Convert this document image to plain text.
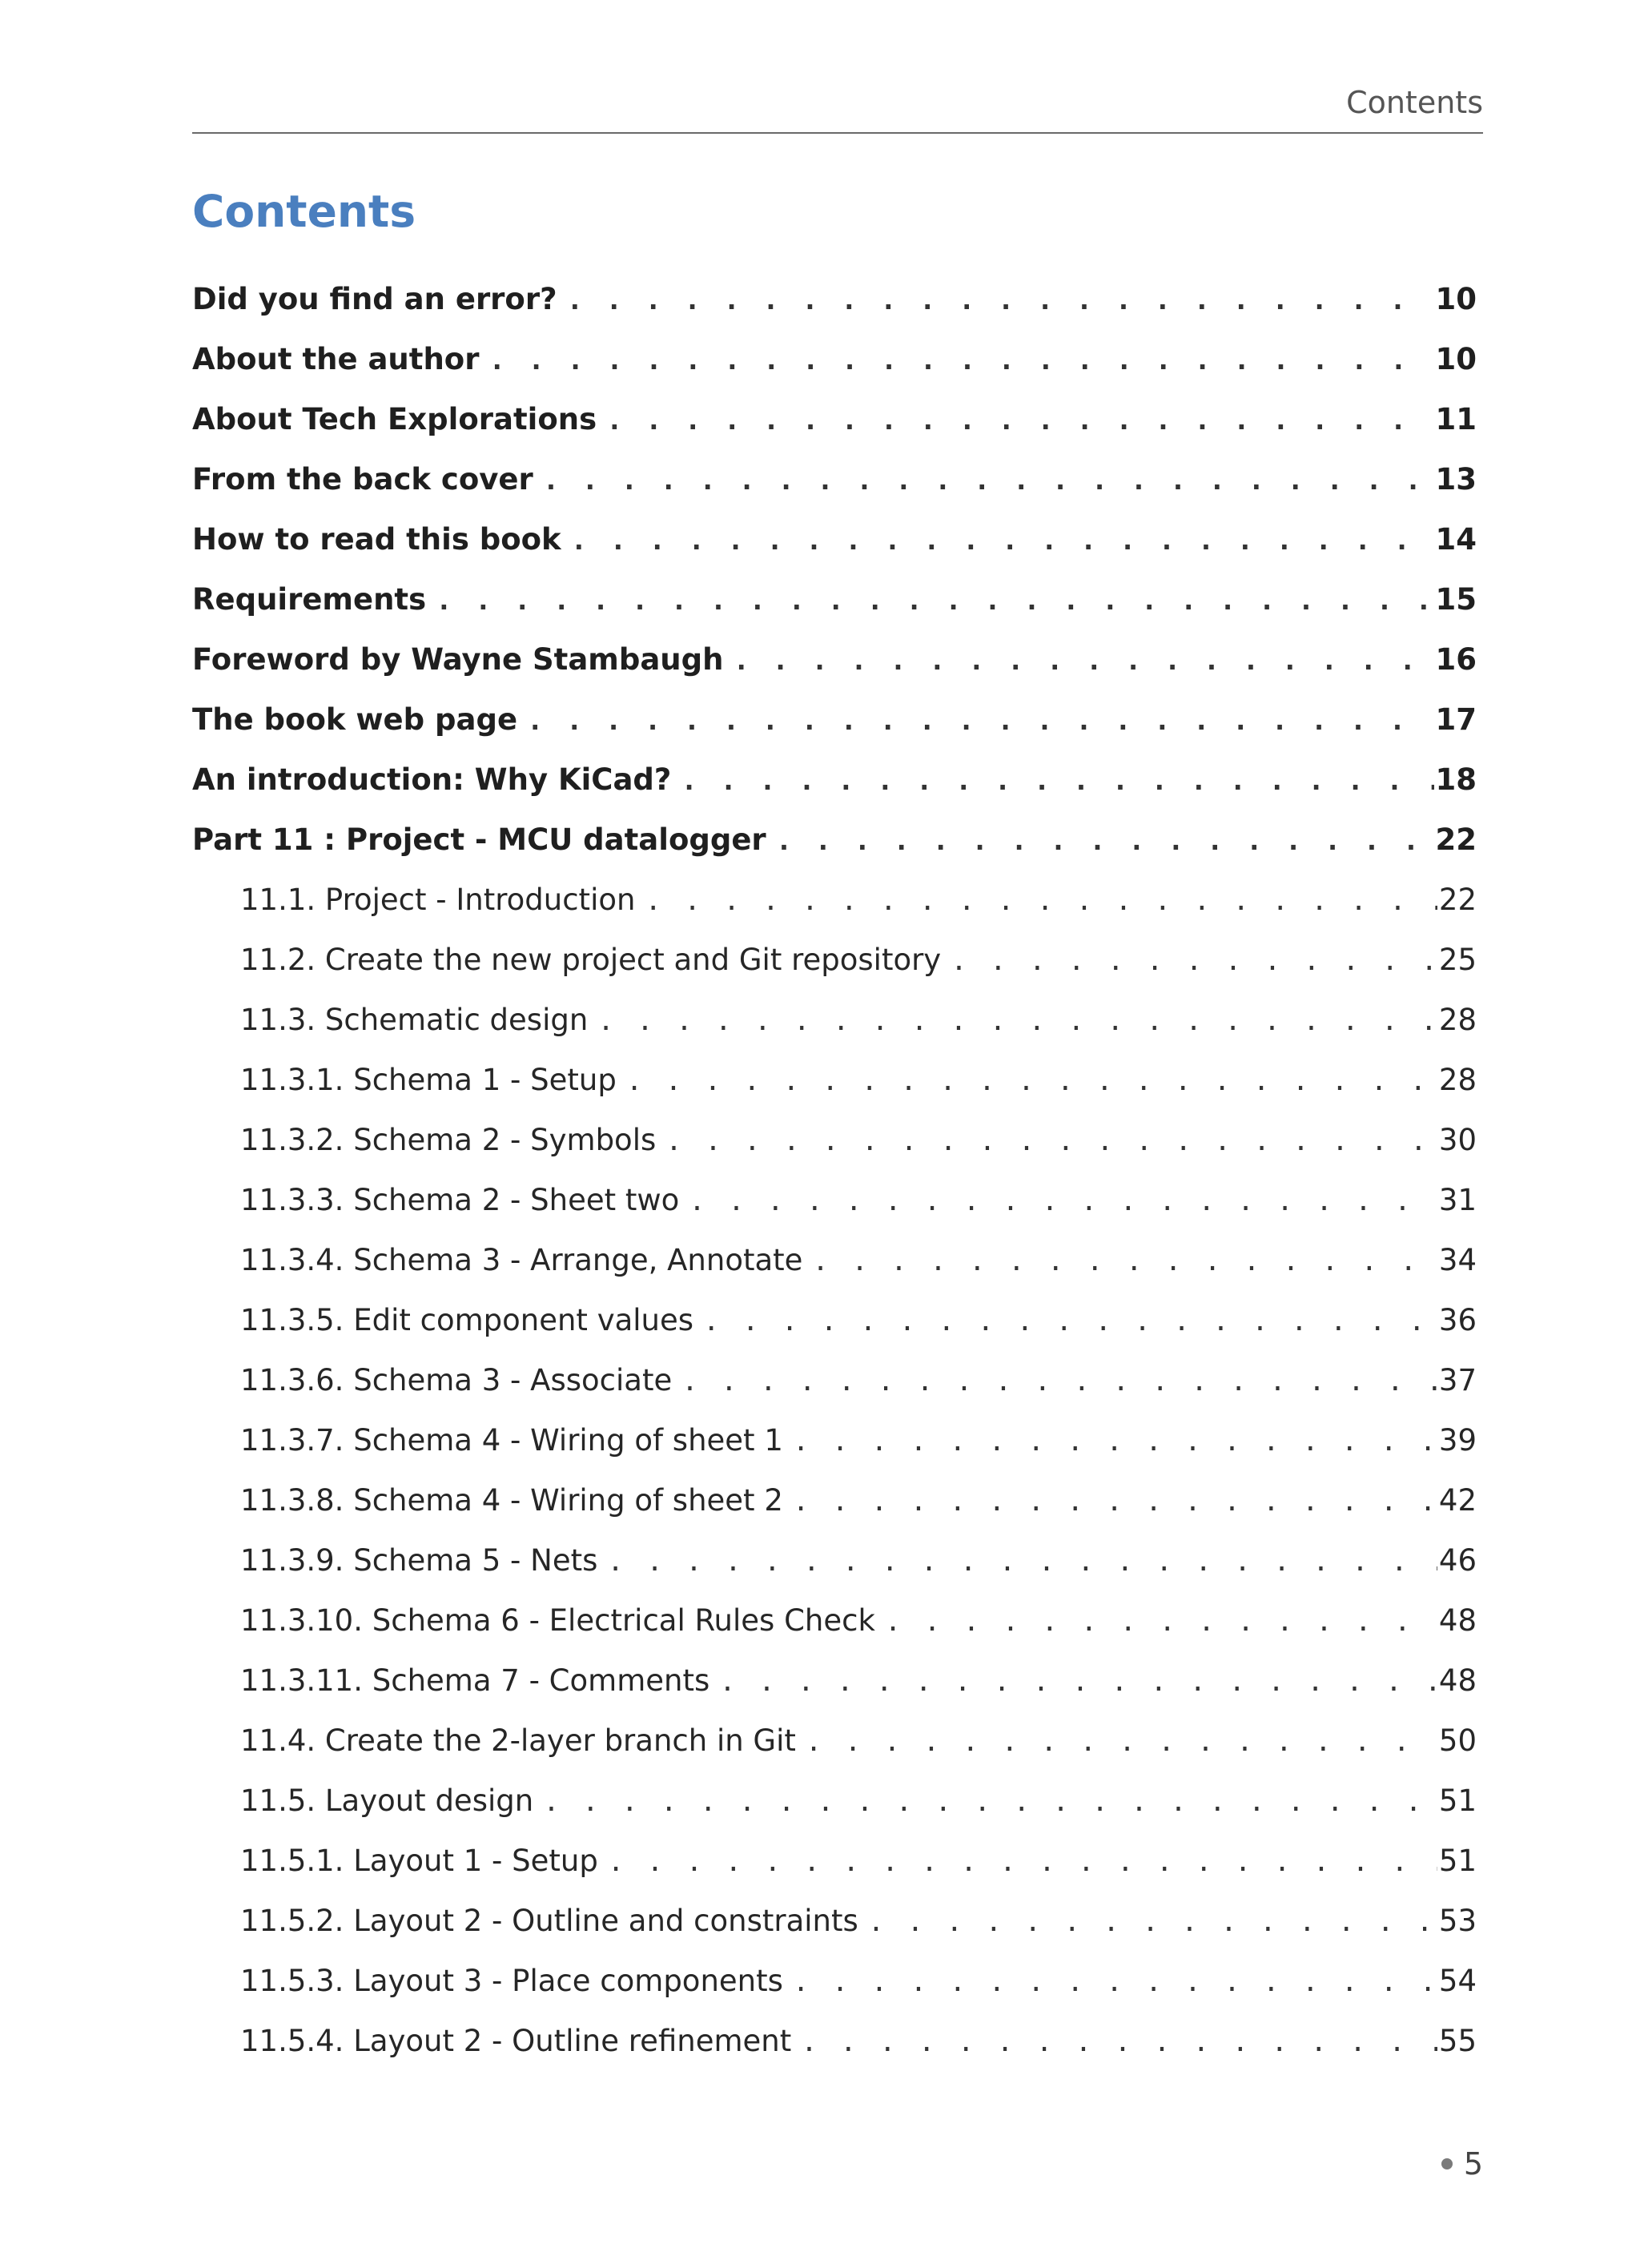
Contents
Contents
Did you find an error? . . .	10
About the author . . .	10
About Tech Explorations . . .	11
From the back cover . . .	13
How to read this book . . .	14
Requirements . . .	15
Foreword by Wayne Stambaugh . . .	16
The book web page . . .	17
An introduction: Why KiCad? . . .	18
Part 11 : Project - MCU datalogger . . .	22
11.1. Project - Introduction . . .	22
11.2. Create the new project and Git repository . . .	25
11.3. Schematic design . . .	28
11.3.1. Schema 1 - Setup . . .	28
11.3.2. Schema 2 - Symbols . . .	30
11.3.3. Schema 2 - Sheet two . . .	31
11.3.4. Schema 3 - Arrange, Annotate . . .	34
11.3.5. Edit component values . . .	36
11.3.6. Schema 3 - Associate . . .	37
11.3.7. Schema 4 - Wiring of sheet 1 . . .	39
11.3.8. Schema 4 - Wiring of sheet 2 . . .	42
11.3.9. Schema 5 - Nets . . .	46
11.3.10. Schema 6 - Electrical Rules Check . . .	48
11.3.11. Schema 7 - Comments . . .	48
11.4. Create the 2-layer branch in Git . . .	50
11.5. Layout design . . .	51
11.5.1. Layout 1 - Setup . . .	51
11.5.2. Layout 2 - Outline and constraints . . .	53
11.5.3. Layout 3 - Place components . . .	54
11.5.4. Layout 2 - Outline refinement . . .	55
5
